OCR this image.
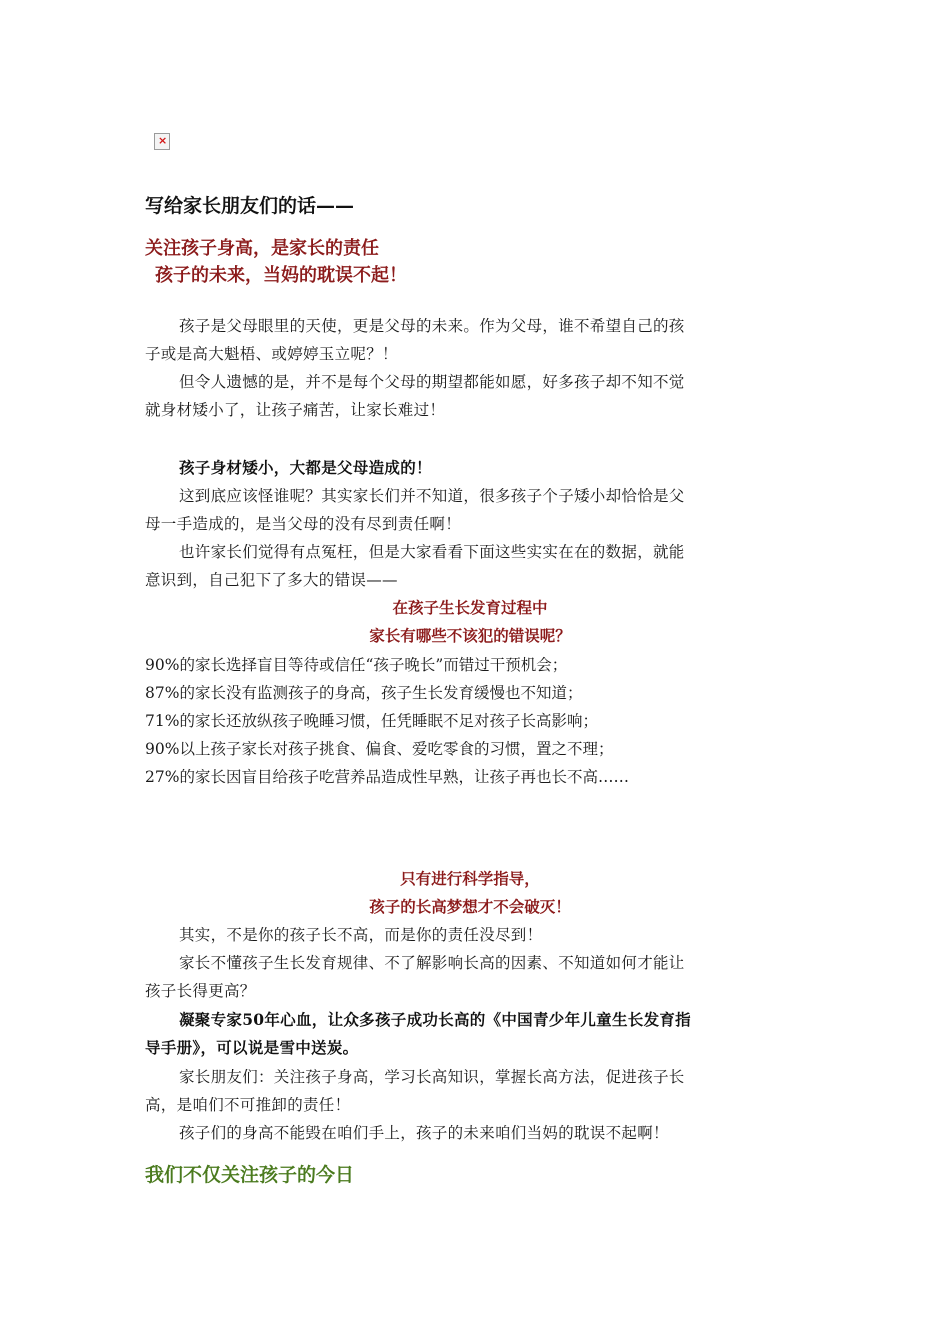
×
写给家长朋友们的话——
关注孩子身高，是家长的责任
孩子的未来，当妈的耽误不起！
孩子是父母眼里的天使，更是父母的未来。作为父母，谁不希望自己的孩
子或是高大魁梧、或婷婷玉立呢？！
但令人遗憾的是，并不是每个父母的期望都能如愿，好多孩子却不知不觉
就身材矮小了，让孩子痛苦，让家长难过！
孩子身材矮小，大都是父母造成的！
这到底应该怪谁呢？其实家长们并不知道，很多孩子个子矮小却恰恰是父
母一手造成的，是当父母的没有尽到责任啊！
也许家长们觉得有点冤枉，但是大家看看下面这些实实在在的数据，就能
意识到，自己犯下了多大的错误——
在孩子生长发育过程中
家长有哪些不该犯的错误呢？
90%的家长选择盲目等待或信任“孩子晚长”而错过干预机会；
87%的家长没有监测孩子的身高，孩子生长发育缓慢也不知道；
71%的家长还放纵孩子晚睡习惯，任凭睡眠不足对孩子长高影响；
90%以上孩子家长对孩子挑食、偏食、爱吃零食的习惯，置之不理；
27%的家长因盲目给孩子吃营养品造成性早熟，让孩子再也长不高……
只有进行科学指导，
孩子的长高梦想才不会破灭！
其实，不是你的孩子长不高，而是你的责任没尽到！
家长不懂孩子生长发育规律、不了解影响长高的因素、不知道如何才能让
孩子长得更高？
凝聚专家50年心血，让众多孩子成功长高的《中国青少年儿童生长发育指
导手册》，可以说是雪中送炭。
家长朋友们：关注孩子身高，学习长高知识，掌握长高方法，促进孩子长
高，是咱们不可推卸的责任！
孩子们的身高不能毁在咱们手上，孩子的未来咱们当妈的耽误不起啊！
我们不仅关注孩子的今日
